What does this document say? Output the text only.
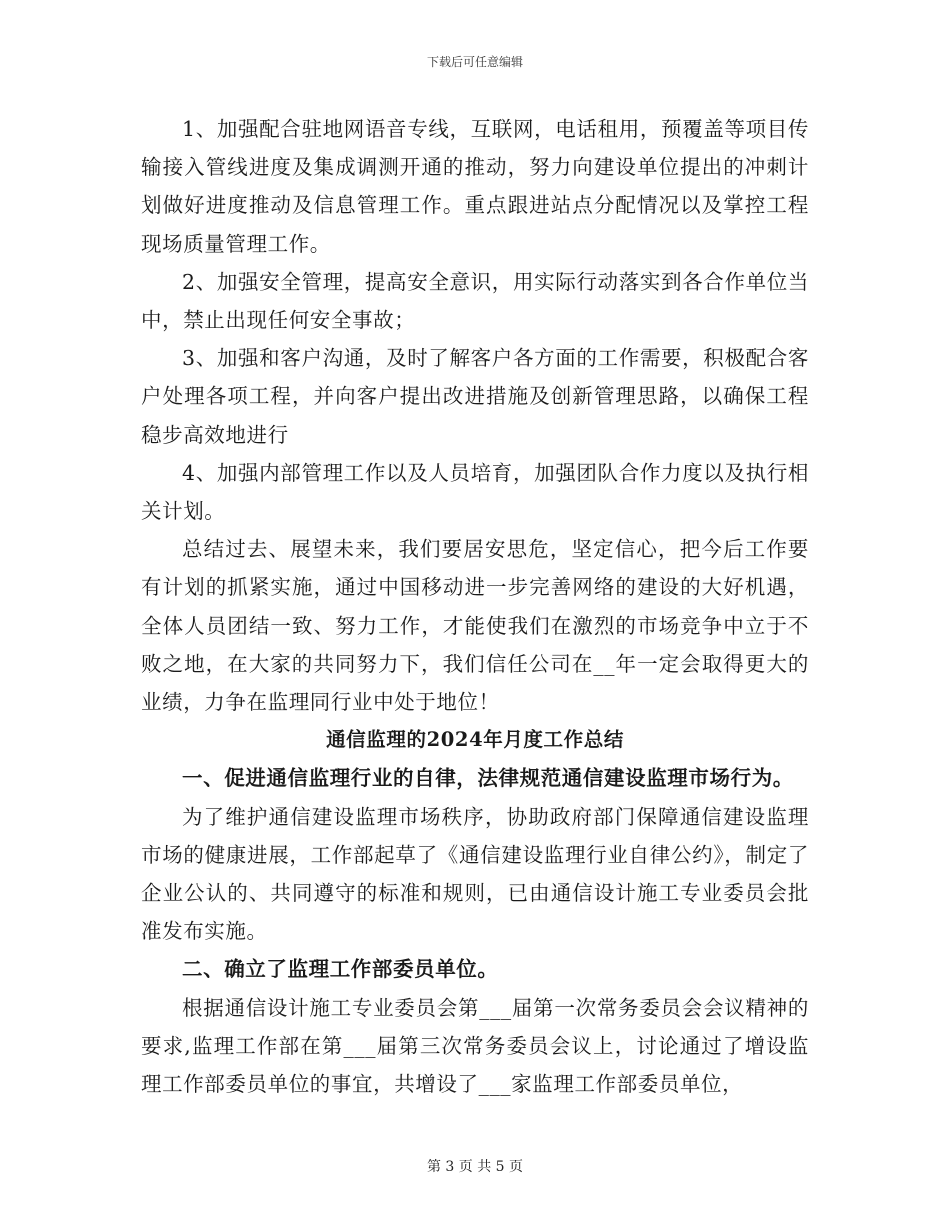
下载后可任意编辑

1、加强配合驻地网语音专线，互联网，电话租用，预覆盖等项目传输接入管线进度及集成调测开通的推动，努力向建设单位提出的冲刺计划做好进度推动及信息管理工作。重点跟进站点分配情况以及掌控工程现场质量管理工作。

2、加强安全管理，提高安全意识，用实际行动落实到各合作单位当中，禁止出现任何安全事故；

3、加强和客户沟通，及时了解客户各方面的工作需要，积极配合客户处理各项工程，并向客户提出改进措施及创新管理思路，以确保工程稳步高效地进行

4、加强内部管理工作以及人员培育，加强团队合作力度以及执行相关计划。

总结过去、展望未来，我们要居安思危，坚定信心，把今后工作要有计划的抓紧实施，通过中国移动进一步完善网络的建设的大好机遇，全体人员团结一致、努力工作，才能使我们在激烈的市场竞争中立于不败之地，在大家的共同努力下，我们信任公司在__年一定会取得更大的业绩，力争在监理同行业中处于地位！

通信监理的2024年月度工作总结

一、促进通信监理行业的自律，法律规范通信建设监理市场行为。

为了维护通信建设监理市场秩序，协助政府部门保障通信建设监理市场的健康进展，工作部起草了《通信建设监理行业自律公约》，制定了企业公认的、共同遵守的标准和规则，已由通信设计施工专业委员会批准发布实施。

二、确立了监理工作部委员单位。

根据通信设计施工专业委员会第___届第一次常务委员会会议精神的要求,监理工作部在第___届第三次常务委员会议上，讨论通过了增设监理工作部委员单位的事宜，共增设了___家监理工作部委员单位，

第 3 页 共 5 页
